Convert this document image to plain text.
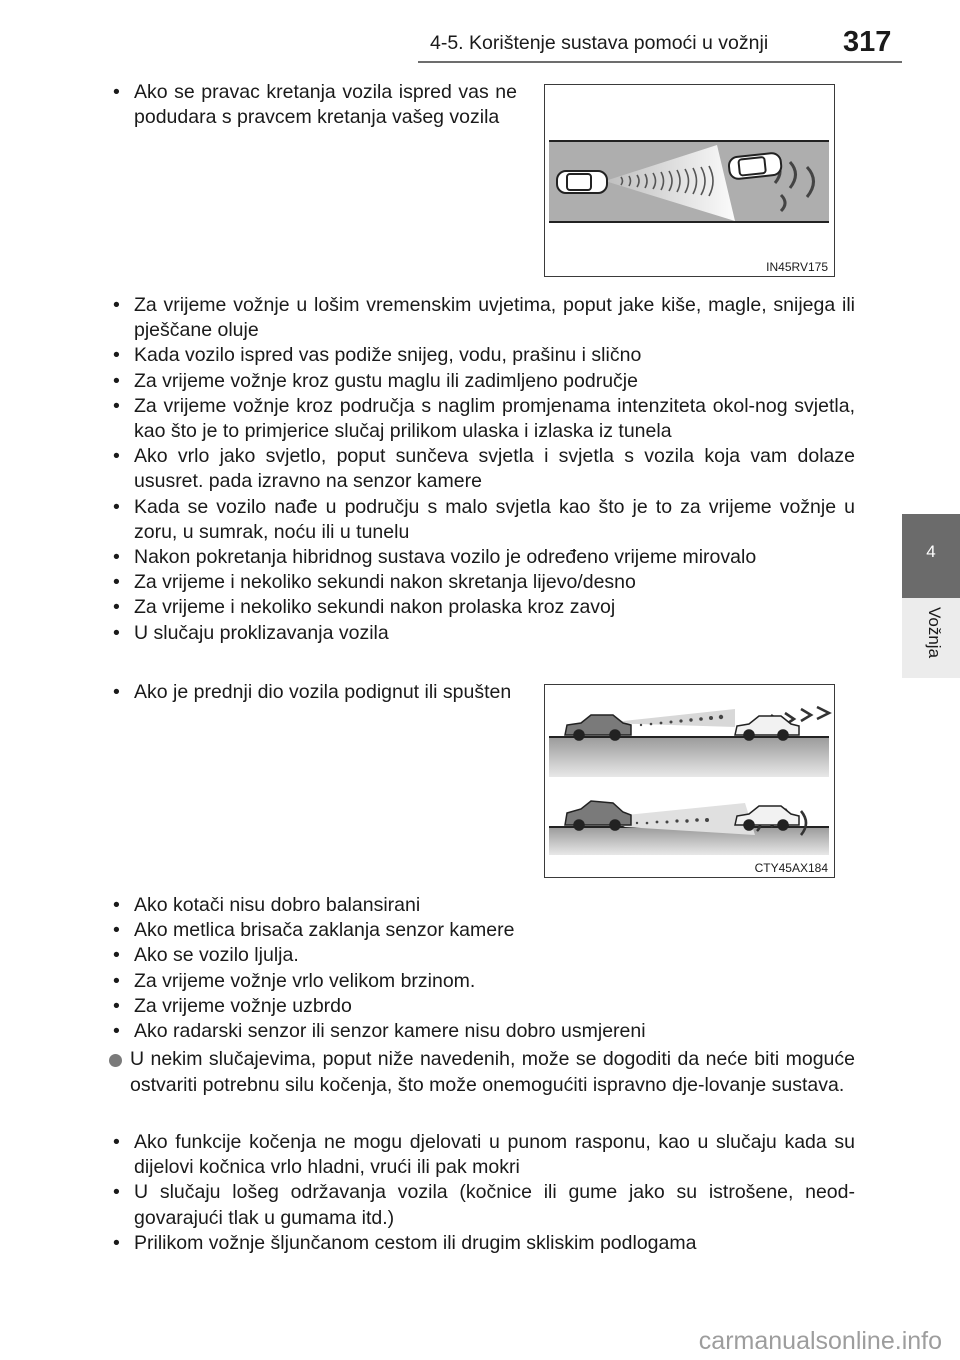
4-5. Korištenje sustava pomoći u vožnji	317
4
Vožnja
• Ako se pravac kretanja vozila ispred vas ne podudara s pravcem kretanja vašeg vozila
IN45RV175
• Za vrijeme vožnje u lošim vremenskim uvjetima, poput jake kiše, magle, snijega ili pješčane oluje
• Kada vozilo ispred vas podiže snijeg, vodu, prašinu i slično
• Za vrijeme vožnje kroz gustu maglu ili zadimljeno područje
• Za vrijeme vožnje kroz područja s naglim promjenama intenziteta okol-nog svjetla, kao što je to primjerice slučaj prilikom ulaska i izlaska iz tunela
• Ako vrlo jako svjetlo, poput sunčeva svjetla i svjetla s vozila koja vam dolaze ususret. pada izravno na senzor kamere
• Kada se vozilo nađe u području s malo svjetla kao što je to za vrijeme vožnje u zoru, u sumrak, noću ili u tunelu
• Nakon pokretanja hibridnog sustava vozilo je određeno vrijeme mirovalo
• Za vrijeme i nekoliko sekundi nakon skretanja lijevo/desno
• Za vrijeme i nekoliko sekundi nakon prolaska kroz zavoj
• U slučaju proklizavanja vozila
• Ako je prednji dio vozila podignut ili spušten
CTY45AX184
• Ako kotači nisu dobro balansirani
• Ako metlica brisača zaklanja senzor kamere
• Ako se vozilo ljulja.
• Za vrijeme vožnje vrlo velikom brzinom.
• Za vrijeme vožnje uzbrdo
• Ako radarski senzor ili senzor kamere nisu dobro usmjereni
U nekim slučajevima, poput niže navedenih, može se dogoditi da neće biti moguće ostvariti potrebnu silu kočenja, što može onemogućiti ispravno dje-lovanje sustava.
• Ako funkcije kočenja ne mogu djelovati u punom rasponu, kao u slučaju kada su dijelovi kočnica vrlo hladni, vrući ili pak mokri
• U slučaju lošeg održavanja vozila (kočnice ili gume jako su istrošene, neod-govarajući tlak u gumama itd.)
• Prilikom vožnje šljunčanom cestom ili drugim skliskim podlogama
carmanualsonline.info
